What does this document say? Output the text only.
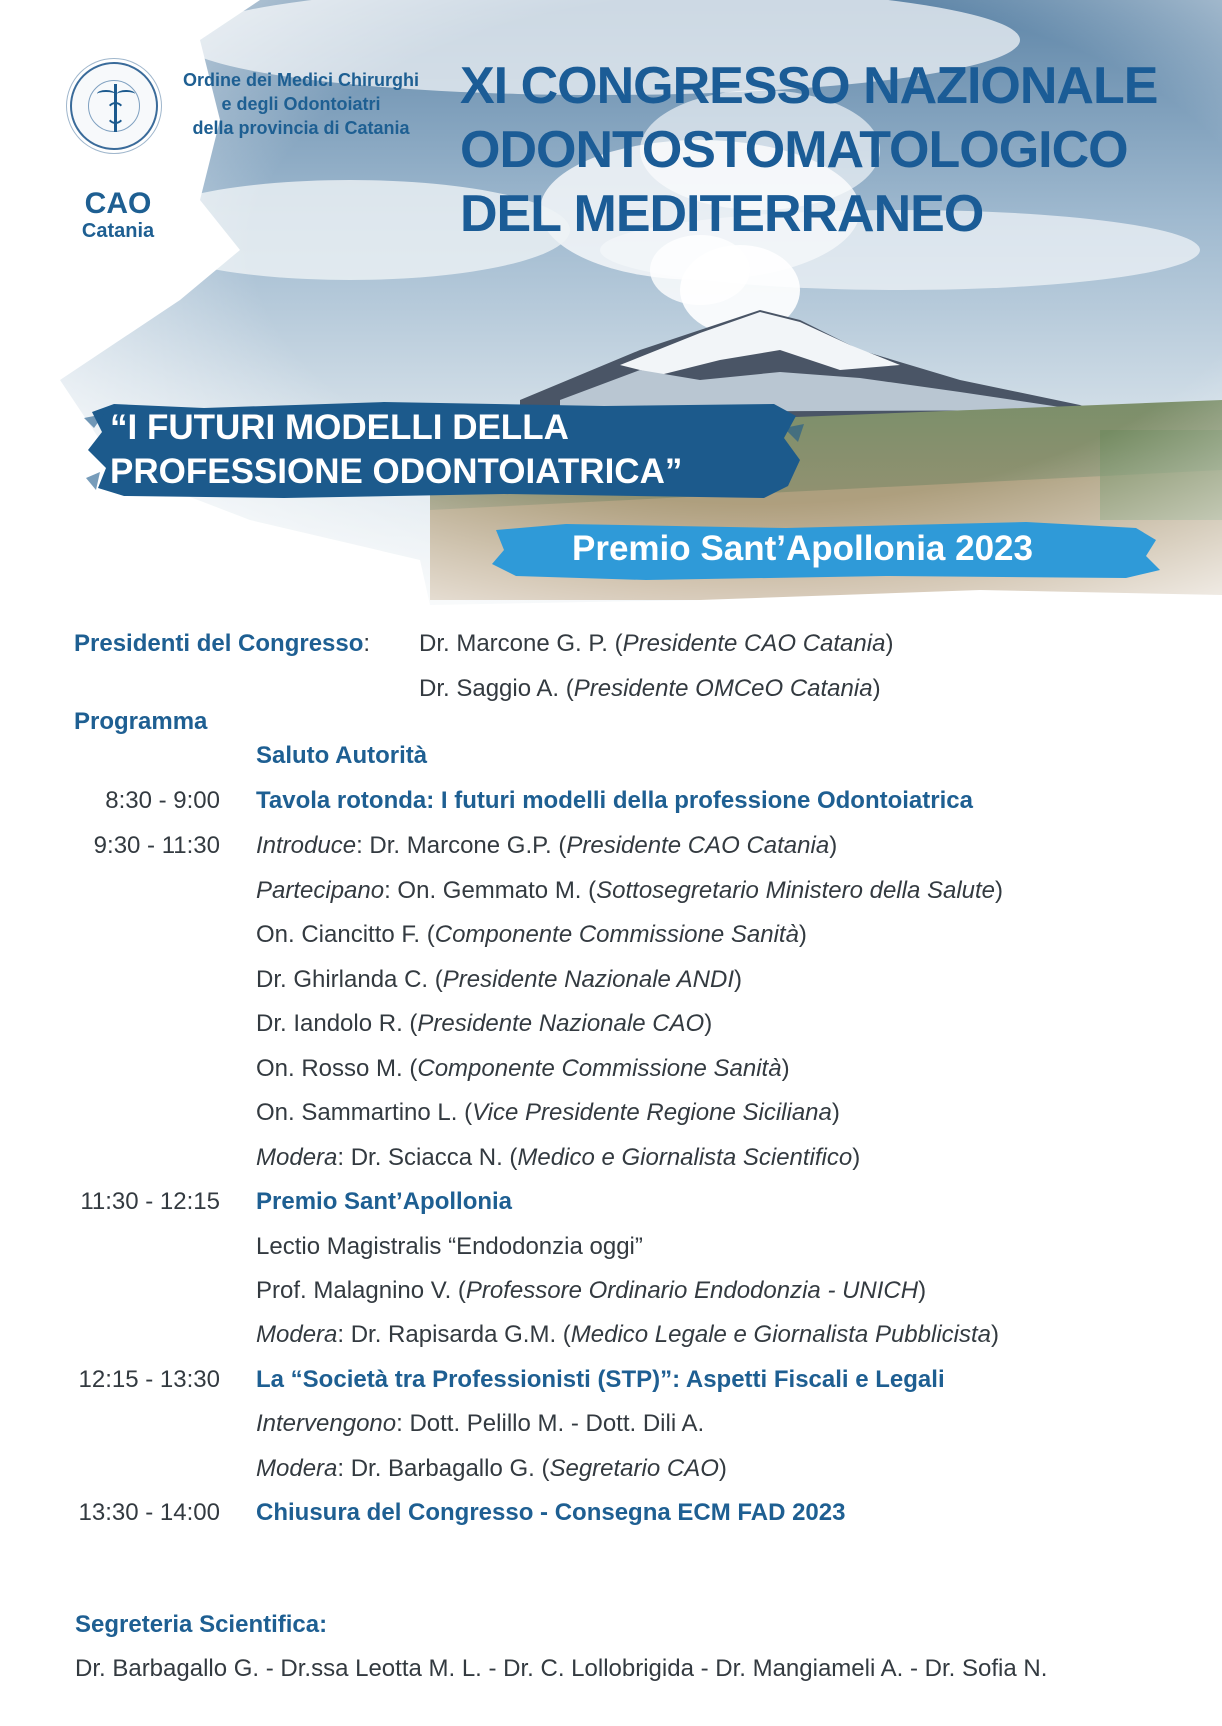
Ordine dei Medici Chirurghi
e degli Odontoiatri
della provincia di Catania
CAO
Catania
XI CONGRESSO NAZIONALE
ODONTOSTOMATOLOGICO
DEL MEDITERRANEO
“I FUTURI MODELLI DELLA
PROFESSIONE ODONTOIATRICA”
Premio Sant’Apollonia 2023
Presidenti del Congresso: Dr. Marcone G. P. (Presidente CAO Catania)
Dr. Saggio A. (Presidente OMCeO Catania)
Programma
Saluto Autorità
8:30 - 9:00 Tavola rotonda: I futuri modelli della professione Odontoiatrica
9:30 - 11:30 Introduce: Dr. Marcone G.P. (Presidente CAO Catania)
Partecipano: On. Gemmato M. (Sottosegretario Ministero della Salute)
On. Ciancitto F. (Componente Commissione Sanità)
Dr. Ghirlanda C. (Presidente Nazionale ANDI)
Dr. Iandolo R. (Presidente Nazionale CAO)
On. Rosso M. (Componente Commissione Sanità)
On. Sammartino L. (Vice Presidente Regione Siciliana)
Modera: Dr. Sciacca N. (Medico e Giornalista Scientifico)
11:30 - 12:15 Premio Sant’Apollonia
Lectio Magistralis “Endodonzia oggi”
Prof. Malagnino V. (Professore Ordinario Endodonzia - UNICH)
Modera: Dr. Rapisarda G.M. (Medico Legale e Giornalista Pubblicista)
12:15 - 13:30 La “Società tra Professionisti (STP)”: Aspetti Fiscali e Legali
Intervengono: Dott. Pelillo M. - Dott. Dili A.
Modera: Dr. Barbagallo G. (Segretario CAO)
13:30 - 14:00 Chiusura del Congresso - Consegna ECM FAD 2023
Segreteria Scientifica:
Dr. Barbagallo G. - Dr.ssa Leotta M. L. - Dr. C. Lollobrigida - Dr. Mangiameli A. - Dr. Sofia N.
